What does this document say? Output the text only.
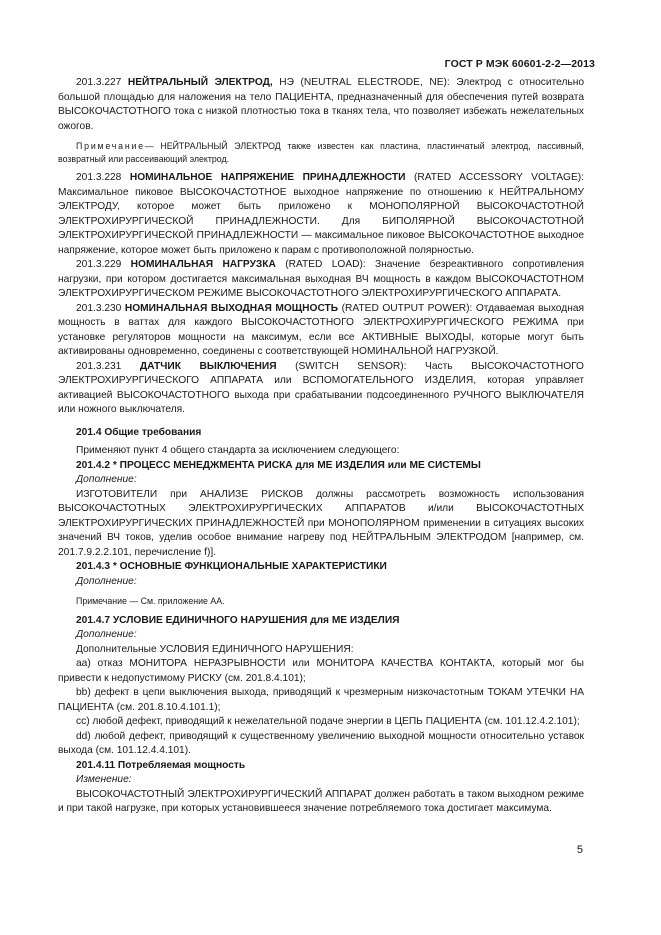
ГОСТ Р МЭК 60601-2-2—2013

201.3.227 НЕЙТРАЛЬНЫЙ ЭЛЕКТРОД, НЭ (NEUTRAL ELECTRODE, NE): Электрод с относительно большой площадью для наложения на тело ПАЦИЕНТА, предназначенный для обеспечения путей возврата ВЫСОКОЧАСТОТНОГО тока с низкой плотностью тока в тканях тела, что позволяет избежать нежелательных ожогов.

Примечание— НЕЙТРАЛЬНЫЙ ЭЛЕКТРОД также известен как пластина, пластинчатый электрод, пассивный, возвратный или рассеивающий электрод.

201.3.228 НОМИНАЛЬНОЕ НАПРЯЖЕНИЕ ПРИНАДЛЕЖНОСТИ (RATED ACCESSORY VOLTAGE): Максимальное пиковое ВЫСОКОЧАСТОТНОЕ выходное напряжение по отношению к НЕЙТРАЛЬНОМУ ЭЛЕКТРОДУ, которое может быть приложено к МОНОПОЛЯРНОЙ ВЫСОКОЧАСТОТНОЙ ЭЛЕКТРОХИРУРГИЧЕСКОЙ ПРИНАДЛЕЖНОСТИ. Для БИПОЛЯРНОЙ ВЫСОКОЧАСТОТНОЙ ЭЛЕКТРОХИРУРГИЧЕСКОЙ ПРИНАДЛЕЖНОСТИ — максимальное пиковое ВЫСОКОЧАСТОТНОЕ выходное напряжение, которое может быть приложено к парам с противоположной полярностью.

201.3.229 НОМИНАЛЬНАЯ НАГРУЗКА (RATED LOAD): Значение безреактивного сопротивления нагрузки, при котором достигается максимальная выходная ВЧ мощность в каждом ВЫСОКОЧАСТОТНОМ ЭЛЕКТРОХИРУРГИЧЕСКОМ РЕЖИМЕ ВЫСОКОЧАСТОТНОГО ЭЛЕКТРОХИРУРГИЧЕСКОГО АППАРАТА.

201.3.230 НОМИНАЛЬНАЯ ВЫХОДНАЯ МОЩНОСТЬ (RATED OUTPUT POWER): Отдаваемая выходная мощность в ваттах для каждого ВЫСОКОЧАСТОТНОГО ЭЛЕКТРОХИРУРГИЧЕСКОГО РЕЖИМА при установке регуляторов мощности на максимум, если все АКТИВНЫЕ ВЫХОДЫ, которые могут быть активированы одновременно, соединены с соответствующей НОМИНАЛЬНОЙ НАГРУЗКОЙ.

201.3.231 ДАТЧИК ВЫКЛЮЧЕНИЯ (SWITCH SENSOR): Часть ВЫСОКОЧАСТОТНОГО ЭЛЕКТРОХИРУРГИЧЕСКОГО АППАРАТА или ВСПОМОГАТЕЛЬНОГО ИЗДЕЛИЯ, которая управляет активацией ВЫСОКОЧАСТОТНОГО выхода при срабатывании подсоединенного РУЧНОГО ВЫКЛЮЧАТЕЛЯ или ножного выключателя.

201.4 Общие требования

Применяют пункт 4 общего стандарта за исключением следующего:

201.4.2 * ПРОЦЕСС МЕНЕДЖМЕНТА РИСКА для МЕ ИЗДЕЛИЯ или МЕ СИСТЕМЫ

Дополнение:

ИЗГОТОВИТЕЛИ при АНАЛИЗЕ РИСКОВ должны рассмотреть возможность использования ВЫСОКОЧАСТОТНЫХ ЭЛЕКТРОХИРУРГИЧЕСКИХ АППАРАТОВ и/или ВЫСОКОЧАСТОТНЫХ ЭЛЕКТРОХИРУРГИЧЕСКИХ ПРИНАДЛЕЖНОСТЕЙ при МОНОПОЛЯРНОМ применении в ситуациях высоких значений ВЧ токов, уделив особое внимание нагреву под НЕЙТРАЛЬНЫМ ЭЛЕКТРОДОМ [например, см. 201.7.9.2.2.101, перечисление f)].

201.4.3 * ОСНОВНЫЕ ФУНКЦИОНАЛЬНЫЕ ХАРАКТЕРИСТИКИ

Дополнение:

Примечание — См. приложение АА.

201.4.7 УСЛОВИЕ ЕДИНИЧНОГО НАРУШЕНИЯ для МЕ ИЗДЕЛИЯ

Дополнение:

Дополнительные УСЛОВИЯ ЕДИНИЧНОГО НАРУШЕНИЯ:

аа) отказ МОНИТОРА НЕРАЗРЫВНОСТИ или МОНИТОРА КАЧЕСТВА КОНТАКТА, который мог бы привести к недопустимому РИСКУ (см. 201.8.4.101);

bb) дефект в цепи выключения выхода, приводящий к чрезмерным низкочастотным ТОКАМ УТЕЧКИ НА ПАЦИЕНТА (см. 201.8.10.4.101.1);

сс) любой дефект, приводящий к нежелательной подаче энергии в ЦЕПЬ ПАЦИЕНТА (см. 101.12.4.2.101);

dd) любой дефект, приводящий к существенному увеличению выходной мощности относительно уставок выхода (см. 101.12.4.4.101).

201.4.11 Потребляемая мощность

Изменение:

ВЫСОКОЧАСТОТНЫЙ ЭЛЕКТРОХИРУРГИЧЕСКИЙ АППАРАТ должен работать в таком выходном режиме и при такой нагрузке, при которых установившееся значение потребляемого тока достигает максимума.

5
